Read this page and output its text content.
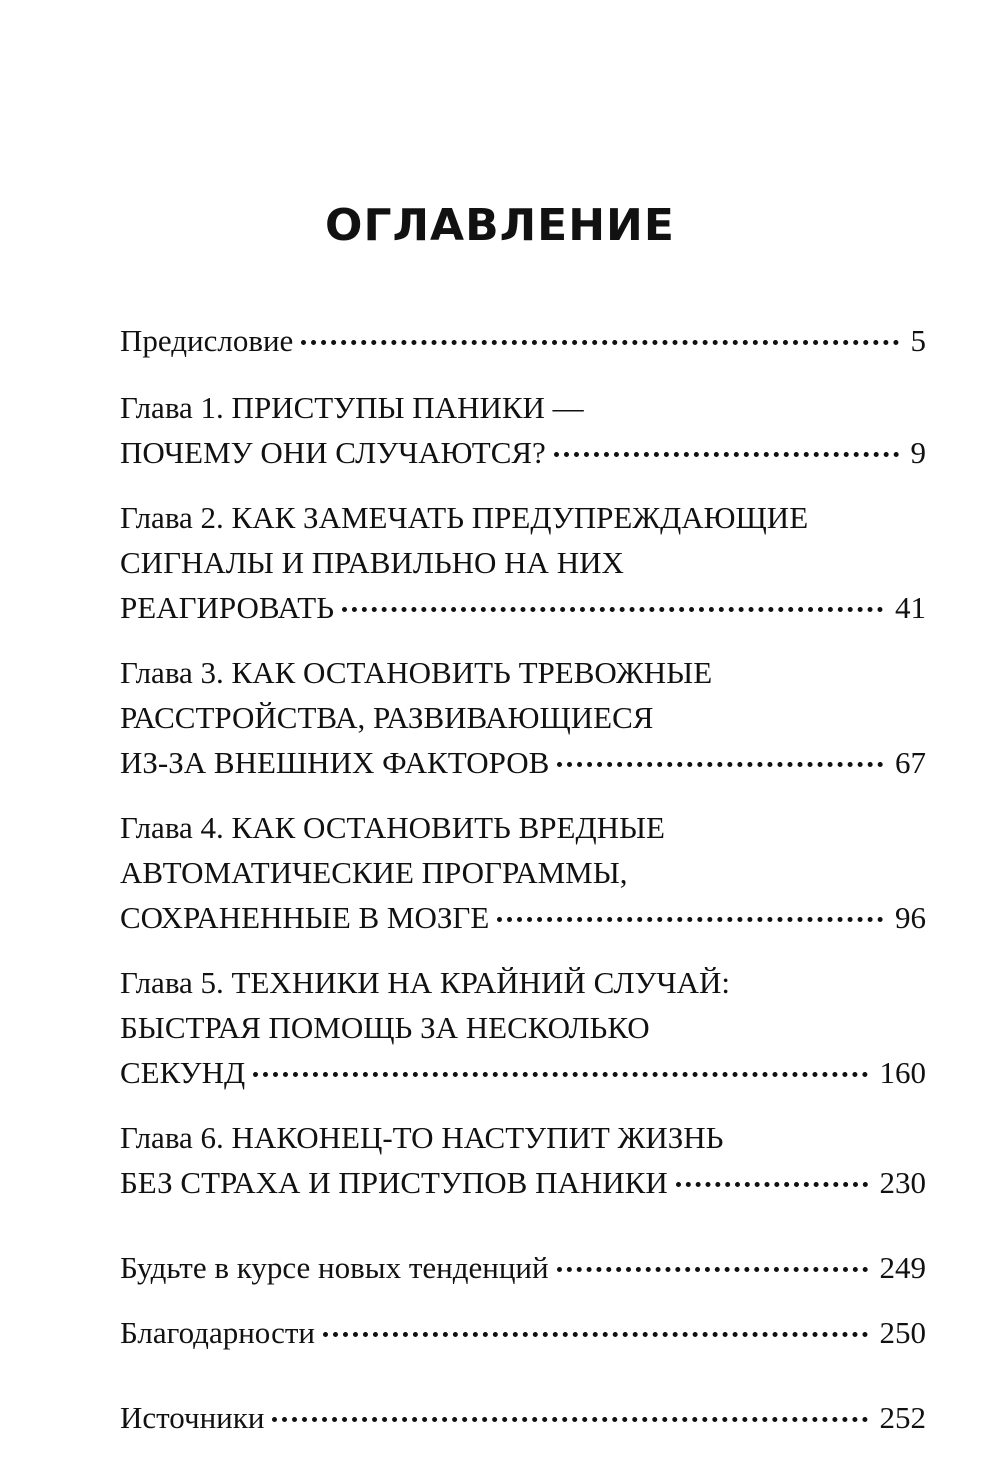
ОГЛАВЛЕНИЕ
Предисловие	5
Глава 1. ПРИСТУПЫ ПАНИКИ —
ПОЧЕМУ ОНИ СЛУЧАЮТСЯ?	9
Глава 2. КАК ЗАМЕЧАТЬ ПРЕДУПРЕЖДАЮЩИЕ
СИГНАЛЫ И ПРАВИЛЬНО НА НИХ
РЕАГИРОВАТЬ	41
Глава 3. КАК ОСТАНОВИТЬ ТРЕВОЖНЫЕ
РАССТРОЙСТВА, РАЗВИВАЮЩИЕСЯ
ИЗ-ЗА ВНЕШНИХ ФАКТОРОВ	67
Глава 4. КАК ОСТАНОВИТЬ ВРЕДНЫЕ
АВТОМАТИЧЕСКИЕ ПРОГРАММЫ,
СОХРАНЕННЫЕ В МОЗГЕ	96
Глава 5. ТЕХНИКИ НА КРАЙНИЙ СЛУЧАЙ:
БЫСТРАЯ ПОМОЩЬ ЗА НЕСКОЛЬКО
СЕКУНД	160
Глава 6. НАКОНЕЦ-ТО НАСТУПИТ ЖИЗНЬ
БЕЗ СТРАХА И ПРИСТУПОВ ПАНИКИ	230
Будьте в курсе новых тенденций	249
Благодарности	250
Источники	252
